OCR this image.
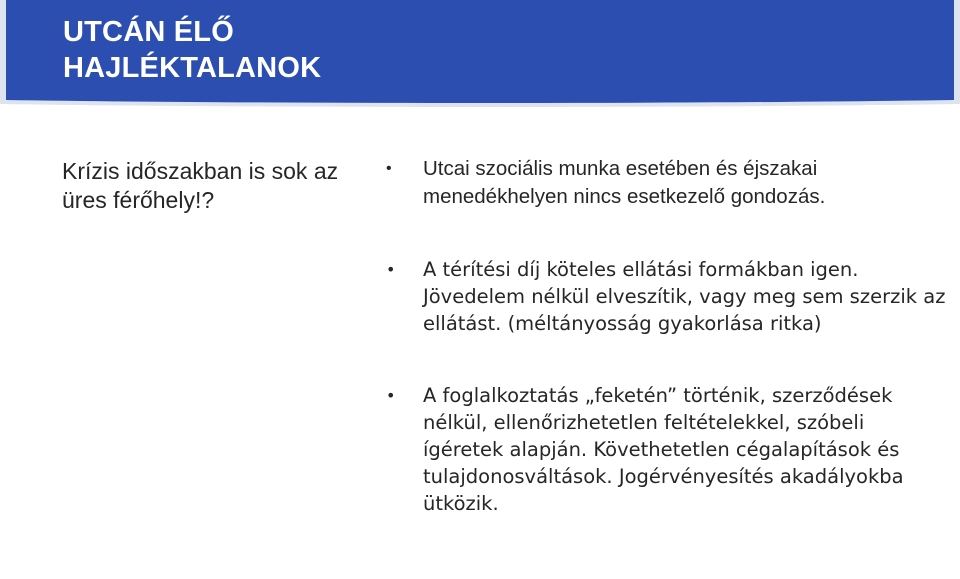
UTCÁN ÉLŐ
HAJLÉKTALANOK
Krízis időszakban is sok az üres férőhely!?
• Utcai szociális munka esetében és éjszakai menedékhelyen nincs esetkezelő gondozás.
• A térítési díj köteles ellátási formákban igen. Jövedelem nélkül elveszítik, vagy meg sem szerzik az ellátást. (méltányosság gyakorlása ritka)
• A foglalkoztatás „feketén” történik, szerződések nélkül, ellenőrizhetetlen feltételekkel, szóbeli ígéretek alapján. Követhetetlen cégalapítások és tulajdonosváltások. Jogérvényesítés akadályokba ütközik.
